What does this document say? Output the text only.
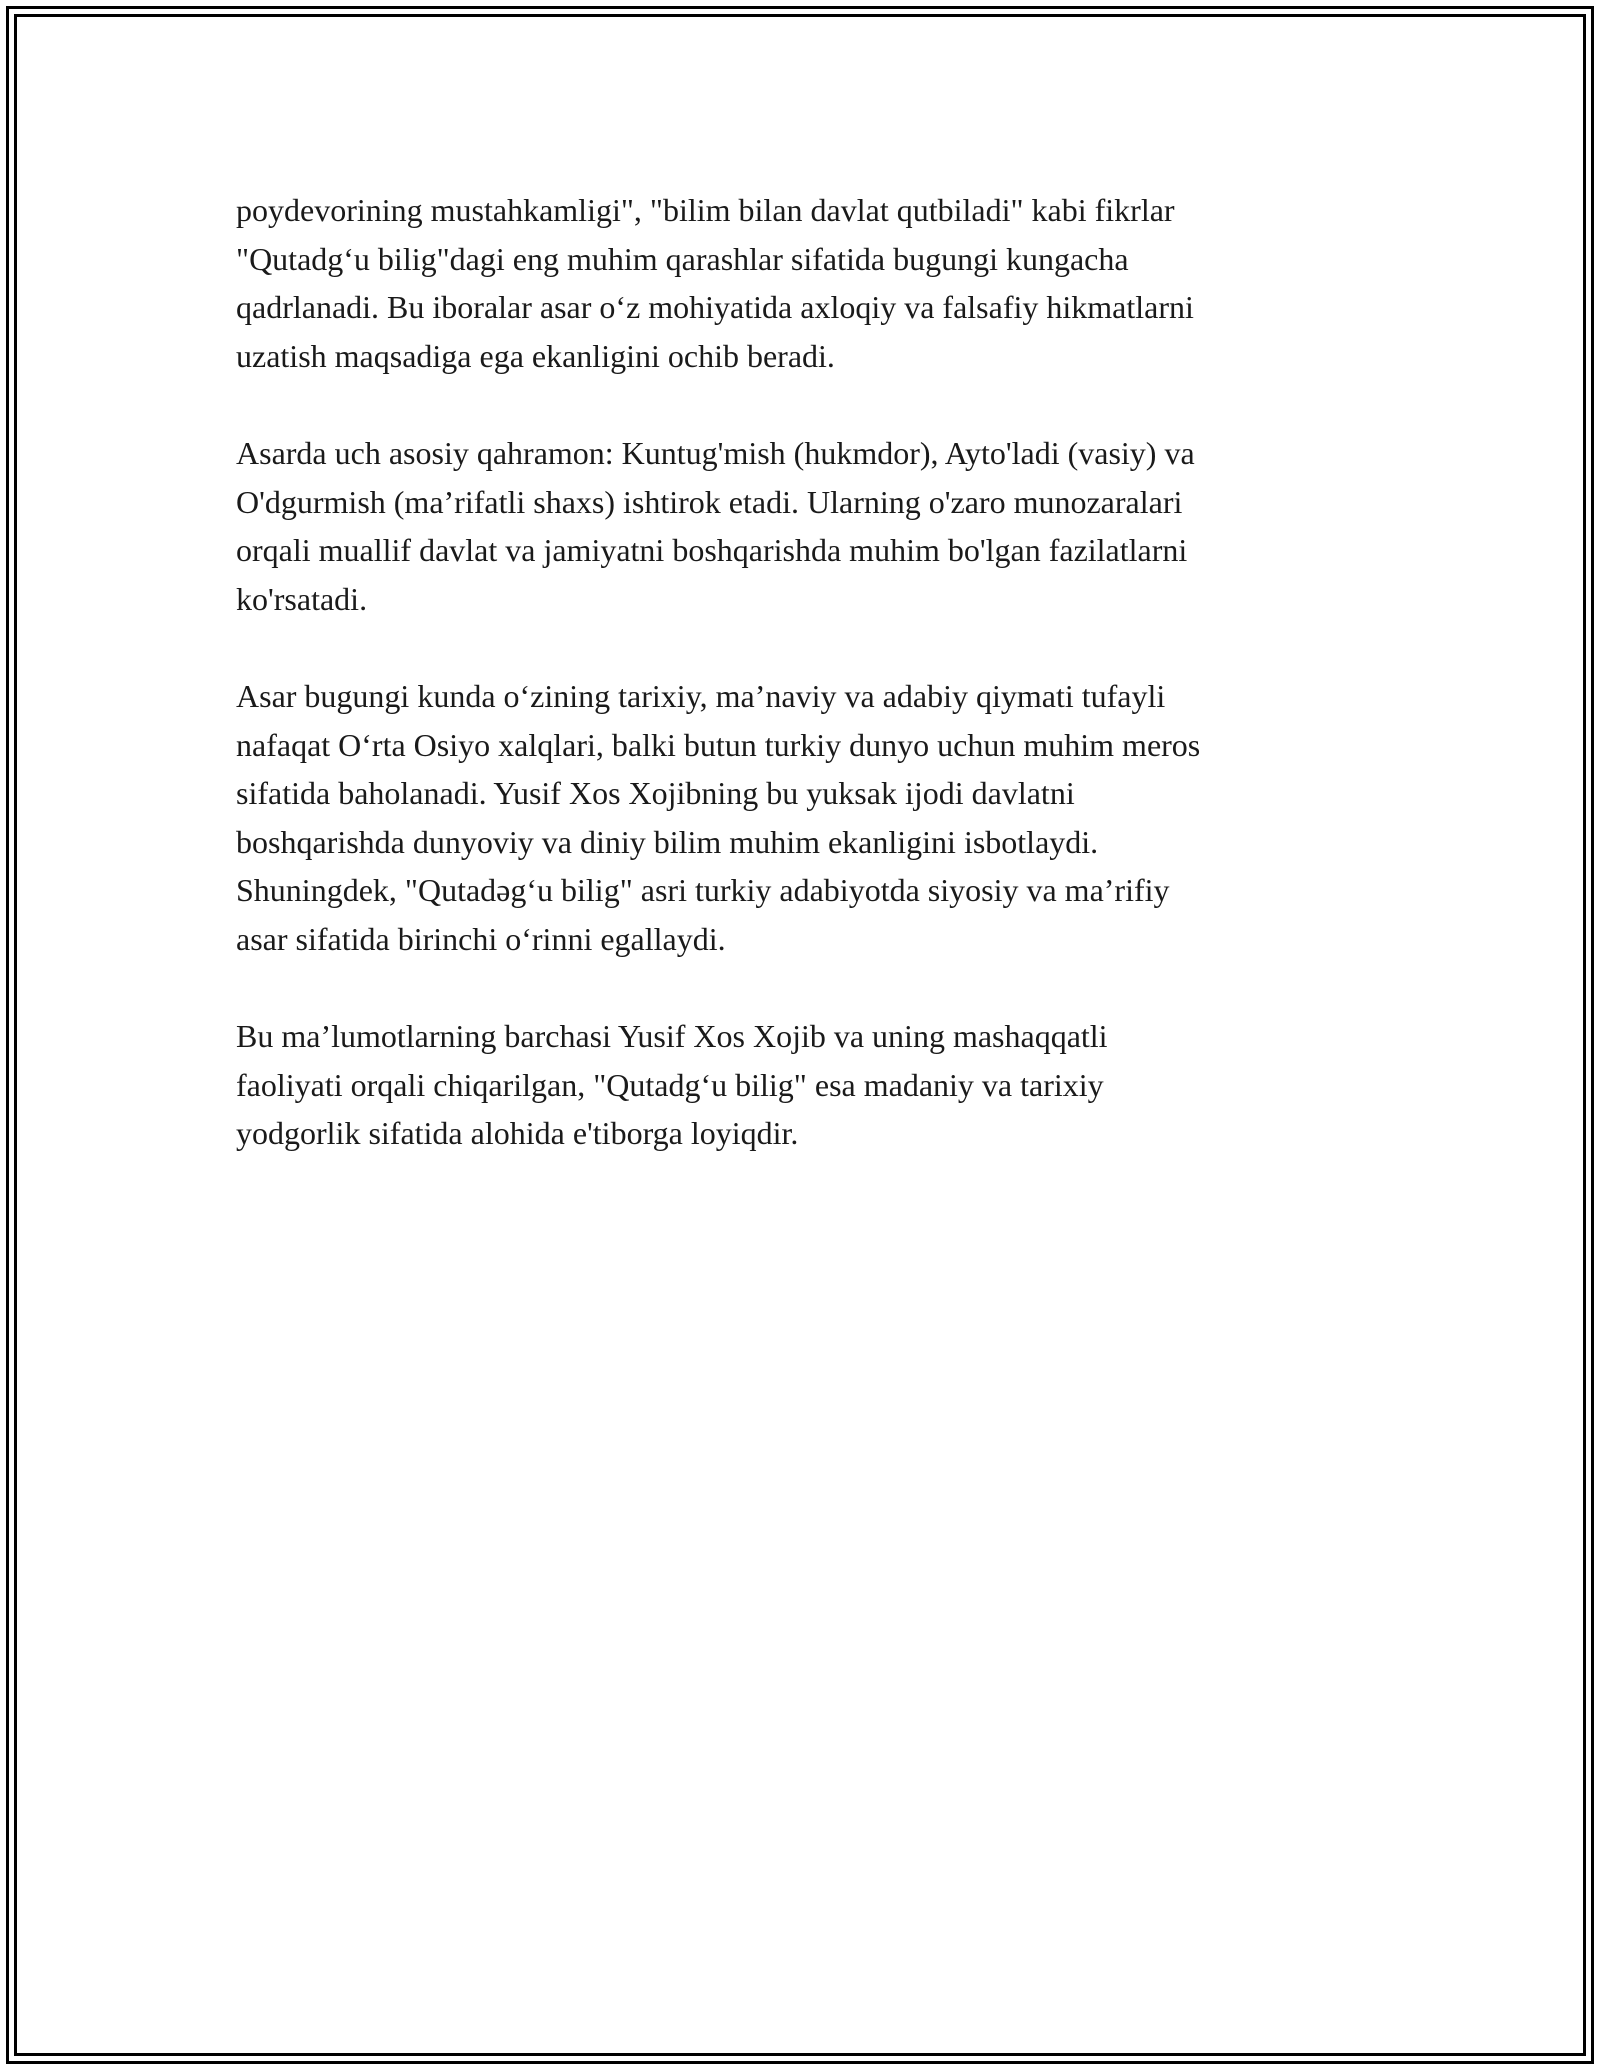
poydevorining mustahkamligi", "bilim bilan davlat qutbiladi" kabi fikrlar
"Qutadg‘u bilig"dagi eng muhim qarashlar sifatida bugungi kungacha
qadrlanadi. Bu iboralar asar o‘z mohiyatida axloqiy va falsafiy hikmatlarni
uzatish maqsadiga ega ekanligini ochib beradi.

Asarda uch asosiy qahramon: Kuntug'mish (hukmdor), Ayto'ladi (vasiy) va
O'dgurmish (ma’rifatli shaxs) ishtirok etadi. Ularning o'zaro munozaralari
orqali muallif davlat va jamiyatni boshqarishda muhim bo'lgan fazilatlarni
ko'rsatadi.

Asar bugungi kunda o‘zining tarixiy, ma’naviy va adabiy qiymati tufayli
nafaqat O‘rta Osiyo xalqlari, balki butun turkiy dunyo uchun muhim meros
sifatida baholanadi. Yusif Xos Xojibning bu yuksak ijodi davlatni
boshqarishda dunyoviy va diniy bilim muhim ekanligini isbotlaydi.
Shuningdek, "Qutadəg‘u bilig" asri turkiy adabiyotda siyosiy va ma’rifiy
asar sifatida birinchi o‘rinni egallaydi.

Bu ma’lumotlarning barchasi Yusif Xos Xojib va uning mashaqqatli
faoliyati orqali chiqarilgan, "Qutadg‘u bilig" esa madaniy va tarixiy
yodgorlik sifatida alohida e'tiborga loyiqdir.
